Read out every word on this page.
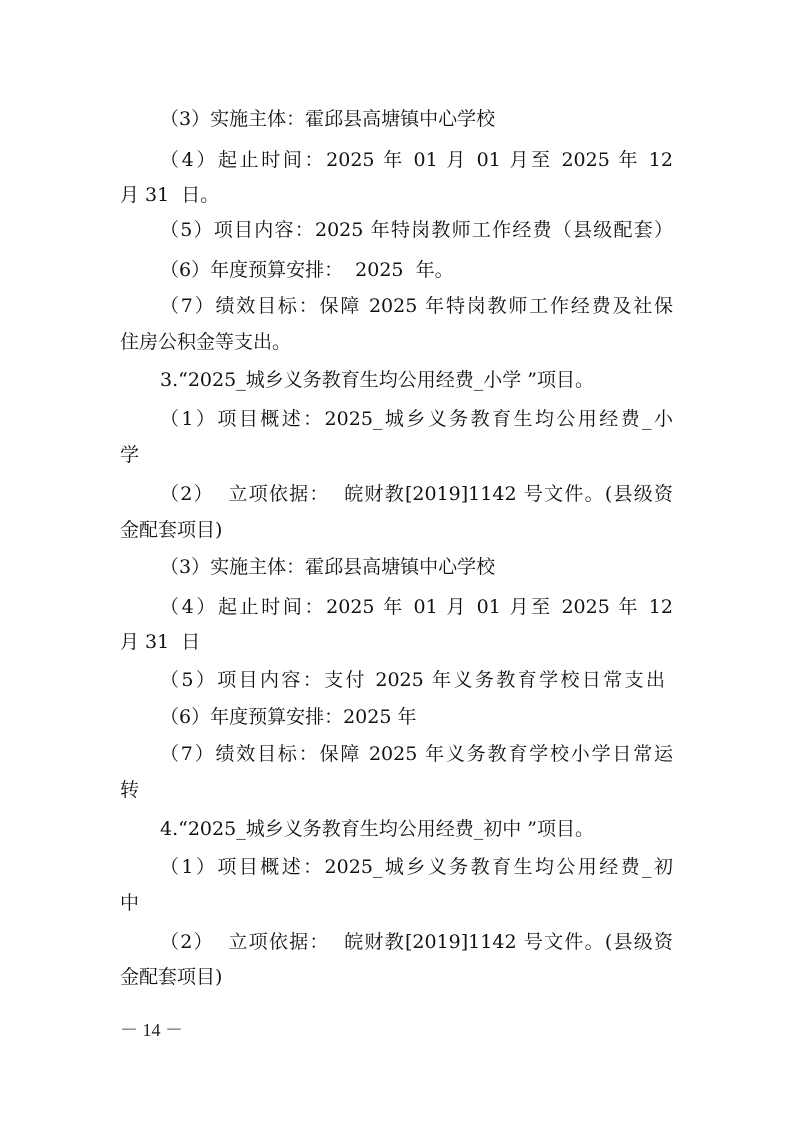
（3）实施主体：霍邱县高塘镇中心学校
（4）起止时间：2025 年 01 月 01 月至 2025 年 12
月 31  日。
（5）项目内容：2025 年特岗教师工作经费（县级配套）
（6）年度预算安排：  2025  年。
（7）绩效目标：保障 2025 年特岗教师工作经费及社保
住房公积金等支出。
3.“2025_城乡义务教育生均公用经费_小学 ”项目。
（1）项目概述：2025_城乡义务教育生均公用经费_小
学
（2）  立项依据：  皖财教[2019]1142 号文件。(县级资
金配套项目)
（3）实施主体：霍邱县高塘镇中心学校
（4）起止时间：2025 年 01 月 01 月至 2025 年 12
月 31  日
（5）项目内容：支付 2025 年义务教育学校日常支出
（6）年度预算安排：2025 年
（7）绩效目标：保障 2025 年义务教育学校小学日常运
转
4.“2025_城乡义务教育生均公用经费_初中 ”项目。
（1）项目概述：2025_城乡义务教育生均公用经费_初
中
（2）  立项依据：  皖财教[2019]1142 号文件。(县级资
金配套项目)
－ 14 －
